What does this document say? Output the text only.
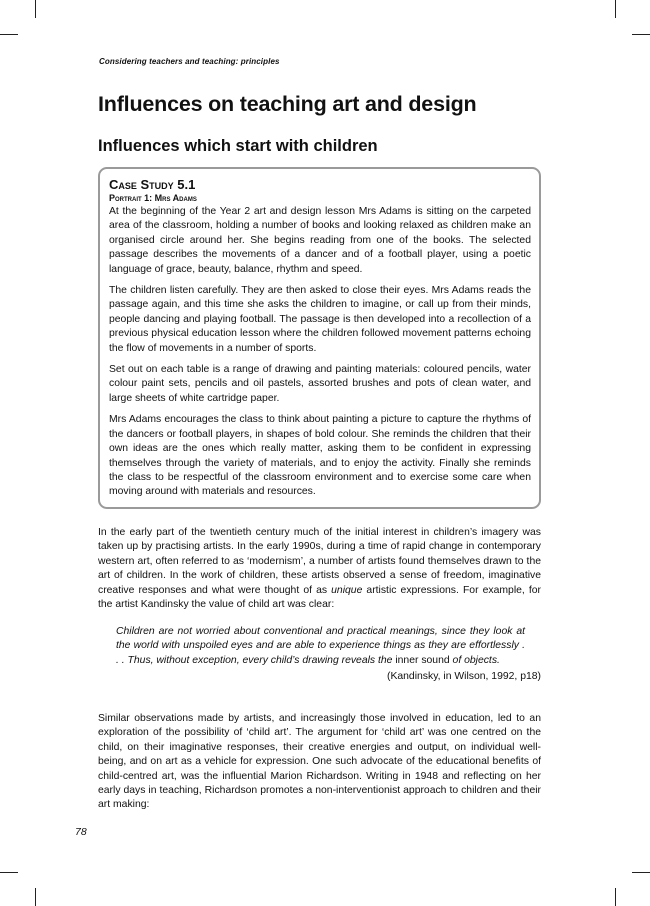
Considering teachers and teaching: principles
Influences on teaching art and design
Influences which start with children
Case Study 5.1
Portrait 1: Mrs Adams

At the beginning of the Year 2 art and design lesson Mrs Adams is sitting on the carpeted area of the classroom, holding a number of books and looking relaxed as children make an organised circle around her. She begins reading from one of the books. The selected passage describes the movements of a dancer and of a football player, using a poetic language of grace, beauty, balance, rhythm and speed.

The children listen carefully. They are then asked to close their eyes. Mrs Adams reads the passage again, and this time she asks the children to imagine, or call up from their minds, people dancing and playing football. The passage is then developed into a recollection of a previous physical education lesson where the children followed movement patterns echoing the flow of movements in a number of sports.

Set out on each table is a range of drawing and painting materials: coloured pencils, water colour paint sets, pencils and oil pastels, assorted brushes and pots of clean water, and large sheets of white cartridge paper.

Mrs Adams encourages the class to think about painting a picture to capture the rhythms of the dancers or football players, in shapes of bold colour. She reminds the children that their own ideas are the ones which really matter, asking them to be confident in expressing themselves through the variety of materials, and to enjoy the activity. Finally she reminds the class to be respectful of the classroom environment and to exercise some care when moving around with materials and resources.

In the early part of the twentieth century much of the initial interest in children’s imagery was taken up by practising artists. In the early 1990s, during a time of rapid change in contemporary western art, often referred to as ‘modernism’, a number of artists found themselves drawn to the art of children. In the work of children, these artists observed a sense of freedom, imaginative creative responses and what were thought of as unique artistic expressions. For example, for the artist Kandinsky the value of child art was clear:

Children are not worried about conventional and practical meanings, since they look at the world with unspoiled eyes and are able to experience things as they are effortlessly . . . Thus, without exception, every child’s drawing reveals the inner sound of objects.
(Kandinsky, in Wilson, 1992, p18)

Similar observations made by artists, and increasingly those involved in education, led to an exploration of the possibility of ‘child art’. The argument for ‘child art’ was one centred on the child, on their imaginative responses, their creative energies and output, on individual well-being, and on art as a vehicle for expression. One such advocate of the educational benefits of child-centred art, was the influential Marion Richardson. Writing in 1948 and reflecting on her early days in teaching, Richardson promotes a non-interventionist approach to children and their art making:

78
